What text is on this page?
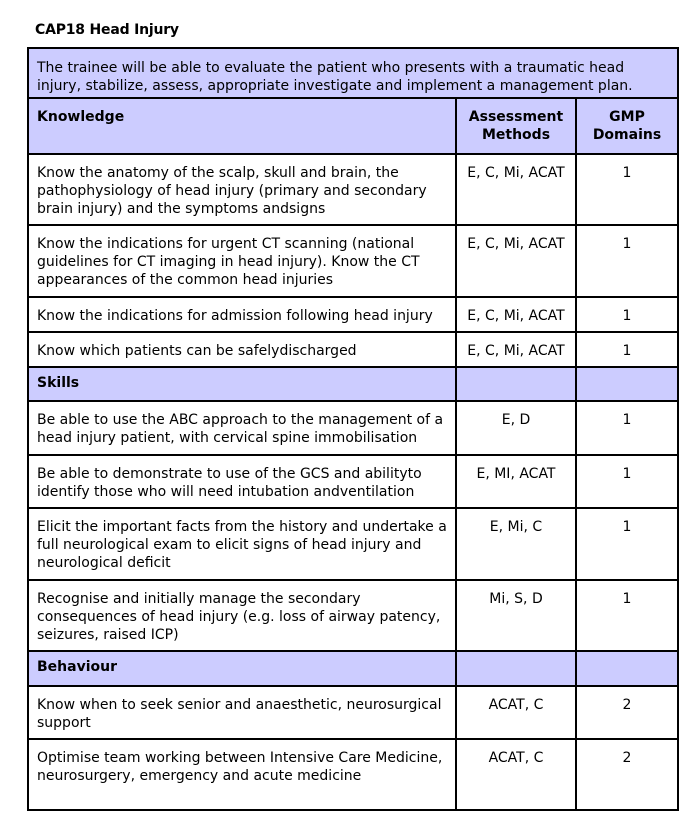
CAP18 Head Injury
The trainee will be able to evaluate the patient who presents with a traumatic head injury, stabilize, assess, appropriate investigate and implement a management plan.		
Knowledge	Assessment Methods	GMP Domains
Know the anatomy of the scalp, skull and brain, the pathophysiology of head injury (primary and secondary brain injury) and the symptoms andsigns	E, C, Mi, ACAT	1
Know the indications for urgent CT scanning (national guidelines for CT imaging in head injury). Know the CT appearances of the common head injuries	E, C, Mi, ACAT	1
Know the indications for admission following head injury	E, C, Mi, ACAT	1
Know which patients can be safelydischarged	E, C, Mi, ACAT	1
Skills		
Be able to use the ABC approach to the management of a head injury patient, with cervical spine immobilisation	E, D	1
Be able to demonstrate to use of the GCS and abilityto identify those who will need intubation andventilation	E, MI, ACAT	1
Elicit the important facts from the history and undertake a full neurological exam to elicit signs of head injury and neurological deficit	E, Mi, C	1
Recognise and initially manage the secondary consequences of head injury (e.g. loss of airway patency, seizures, raised ICP)	Mi, S, D	1
Behaviour		
Know when to seek senior and anaesthetic, neurosurgical support	ACAT, C	2
Optimise team working between Intensive Care Medicine, neurosurgery, emergency and acute medicine	ACAT, C	2
